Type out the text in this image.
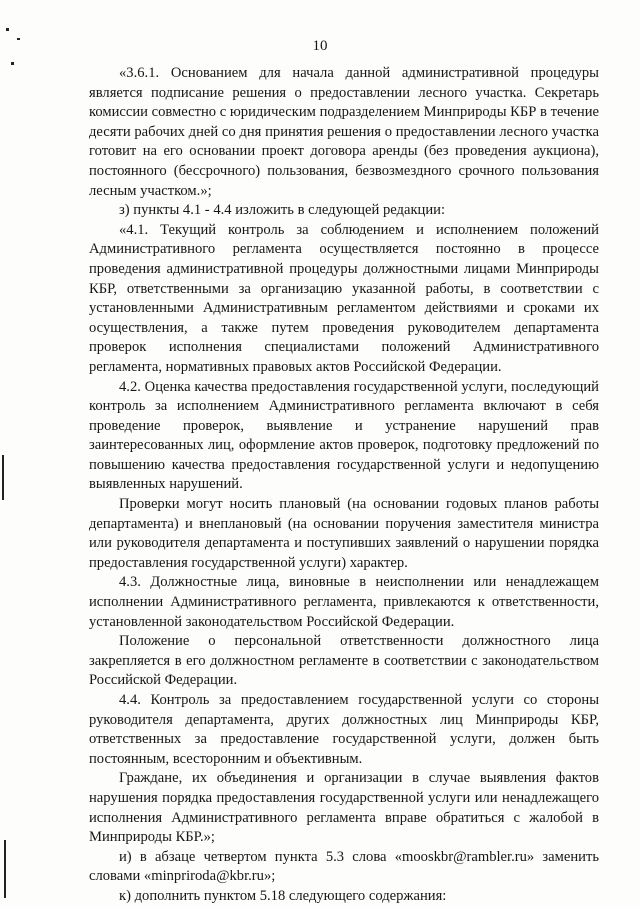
10

«3.6.1. Основанием для начала данной административной процедуры является подписание решения о предоставлении лесного участка. Секретарь комиссии совместно с юридическим подразделением Минприроды КБР в течение десяти рабочих дней со дня принятия решения о предоставлении лесного участка готовит на его основании проект договора аренды (без проведения аукциона), постоянного (бессрочного) пользования, безвозмездного срочного пользования лесным участком.»;

з) пункты 4.1 - 4.4 изложить в следующей редакции:

«4.1. Текущий контроль за соблюдением и исполнением положений Административного регламента осуществляется постоянно в процессе проведения административной процедуры должностными лицами Минприроды КБР, ответственными за организацию указанной работы, в соответствии с установленными Административным регламентом действиями и сроками их осуществления, а также путем проведения руководителем департамента проверок исполнения специалистами положений Административного регламента, нормативных правовых актов Российской Федерации.

4.2. Оценка качества предоставления государственной услуги, последующий контроль за исполнением Административного регламента включают в себя проведение проверок, выявление и устранение нарушений прав заинтересованных лиц, оформление актов проверок, подготовку предложений по повышению качества предоставления государственной услуги и недопущению выявленных нарушений.

Проверки могут носить плановый (на основании годовых планов работы департамента) и внеплановый (на основании поручения заместителя министра или руководителя департамента и поступивших заявлений о нарушении порядка предоставления государственной услуги) характер.

4.3. Должностные лица, виновные в неисполнении или ненадлежащем исполнении Административного регламента, привлекаются к ответственности, установленной законодательством Российской Федерации.

Положение о персональной ответственности должностного лица закрепляется в его должностном регламенте в соответствии с законодательством Российской Федерации.

4.4. Контроль за предоставлением государственной услуги со стороны руководителя департамента, других должностных лиц Минприроды КБР, ответственных за предоставление государственной услуги, должен быть постоянным, всесторонним и объективным.

Граждане, их объединения и организации в случае выявления фактов нарушения порядка предоставления государственной услуги или ненадлежащего исполнения Административного регламента вправе обратиться с жалобой в Минприроды КБР.»;

и) в абзаце четвертом пункта 5.3 слова «mooskbr@rambler.ru» заменить словами «minpriroda@kbr.ru»;

к) дополнить пунктом 5.18 следующего содержания:
